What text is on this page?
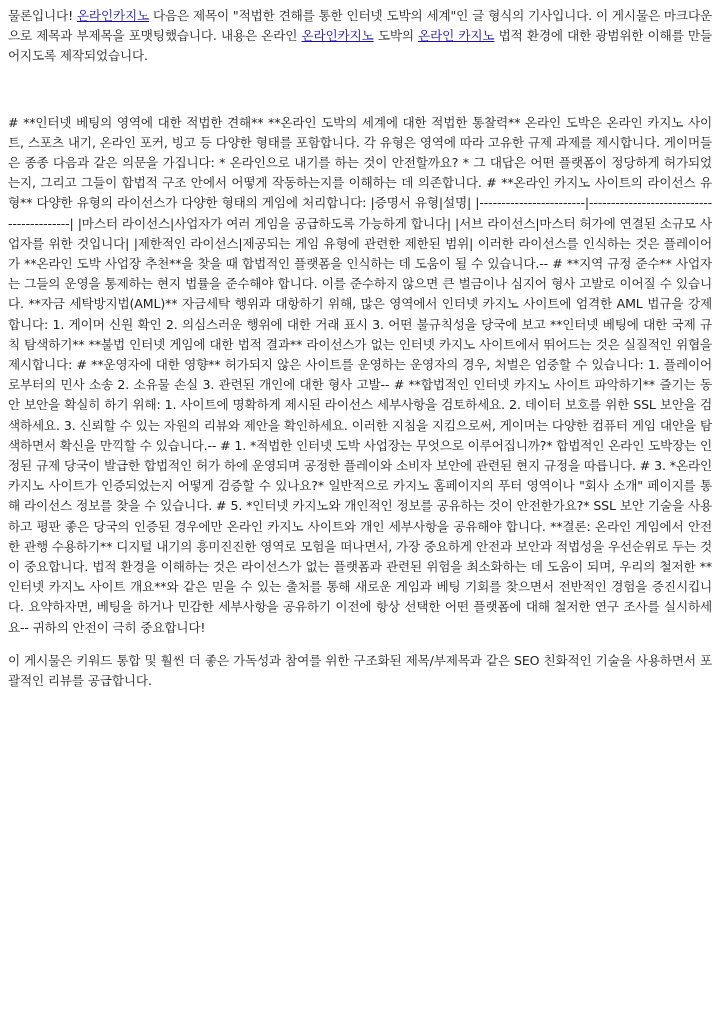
물론입니다! 온라인카지노 다음은 제목이 "적법한 견해를 통한 인터넷 도박의 세계"인 글 형식의 기사입니다. 이 게시물은 마크다운으로 제목과 부제목을 포맷팅했습니다. 내용은 온라인 온라인카지노 도박의 온라인 카지노 법적 환경에 대한 광범위한 이해를 만들어지도록 제작되었습니다.

# **인터넷 베팅의 영역에 대한 적법한 견해** **온라인 도박의 세계에 대한 적법한 통찰력** 온라인 도박은 온라인 카지노 사이트, 스포츠 내기, 온라인 포커, 빙고 등 다양한 형태를 포함합니다. 각 유형은 영역에 따라 고유한 규제 과제를 제시합니다. 게이머들은 종종 다음과 같은 의문을 가집니다: * 온라인으로 내기를 하는 것이 안전할까요? * 그 대답은 어떤 플랫폼이 정당하게 허가되었는지, 그리고 그들이 합법적 구조 안에서 어떻게 작동하는지를 이해하는 데 의존합니다. # **온라인 카지노 사이트의 라이선스 유형** 다양한 유형의 라이선스가 다양한 형태의 게임에 처리합니다: |증명서 유형|설명| |------------------------|------------------------------------------| |마스터 라이선스|사업자가 여러 게임을 공급하도록 가능하게 합니다| |서브 라이선스|마스터 허가에 연결된 소규모 사업자를 위한 것입니다| |제한적인 라이선스|제공되는 게임 유형에 관련한 제한된 범위| 이러한 라이선스를 인식하는 것은 플레이어가 **온라인 도박 사업장 추천**을 찾을 때 합법적인 플랫폼을 인식하는 데 도움이 될 수 있습니다.-- # **지역 규정 준수** 사업자는 그들의 운영을 통제하는 현지 법률을 준수해야 합니다. 이를 준수하지 않으면 큰 벌금이나 심지어 형사 고발로 이어질 수 있습니다. **자금 세탁방지법(AML)** 자금세탁 행위과 대항하기 위해, 많은 영역에서 인터넷 카지노 사이트에 엄격한 AML 법규을 강제합니다: 1. 게이머 신원 확인 2. 의심스러운 행위에 대한 거래 표시 3. 어떤 불규칙성을 당국에 보고 **인터넷 베팅에 대한 국제 규칙 탐색하기** **불법 인터넷 게임에 대한 법적 결과** 라이선스가 없는 인터넷 카지노 사이트에서 뛰어드는 것은 실질적인 위협을 제시합니다: # **운영자에 대한 영향** 허가되지 않은 사이트를 운영하는 운영자의 경우, 처벌은 엄중할 수 있습니다: 1. 플레이어로부터의 민사 소송 2. 소유물 손실 3. 관련된 개인에 대한 형사 고발-- # **합법적인 인터넷 카지노 사이트 파악하기** 즐기는 동안 보안을 확실히 하기 위해: 1. 사이트에 명확하게 제시된 라이선스 세부사항을 검토하세요. 2. 데이터 보호를 위한 SSL 보안을 검색하세요. 3. 신뢰할 수 있는 자원의 리뷰와 제안을 확인하세요. 이러한 지침을 지킴으로써, 게이머는 다양한 컴퓨터 게임 대안을 탐색하면서 확신을 만끽할 수 있습니다.-- # 1. *적법한 인터넷 도박 사업장는 무엇으로 이루어집니까?* 합법적인 온라인 도박장는 인정된 규제 당국이 발급한 합법적인 허가 하에 운영되며 공정한 플레이와 소비자 보안에 관련된 현지 규정을 따릅니다. # 3. *온라인 카지노 사이트가 인증되었는지 어떻게 검증할 수 있나요?* 일반적으로 카지노 홈페이지의 푸터 영역이나 "회사 소개" 페이지를 통해 라이선스 정보를 찾을 수 있습니다. # 5. *인터넷 카지노와 개인적인 정보를 공유하는 것이 안전한가요?* SSL 보안 기술을 사용하고 평판 좋은 당국의 인증된 경우에만 온라인 카지노 사이트와 개인 세부사항을 공유해야 합니다. **결론: 온라인 게임에서 안전한 관행 수용하기** 디지털 내기의 흥미진진한 영역로 모험을 떠나면서, 가장 중요하게 안전과 보안과 적법성을 우선순위로 두는 것이 중요합니다. 법적 환경을 이해하는 것은 라이선스가 없는 플랫폼과 관련된 위험을 최소화하는 데 도움이 되며, 우리의 철저한 **인터넷 카지노 사이트 개요**와 같은 믿을 수 있는 출처를 통해 새로운 게임과 베팅 기회를 찾으면서 전반적인 경험을 증진시킵니다. 요약하자면, 베팅을 하거나 민감한 세부사항을 공유하기 이전에 항상 선택한 어떤 플랫폼에 대해 철저한 연구 조사를 실시하세요-- 귀하의 안전이 극히 중요합니다!

이 게시물은 키워드 통합 및 훨씬 더 좋은 가독성과 참여를 위한 구조화된 제목/부제목과 같은 SEO 친화적인 기술을 사용하면서 포괄적인 리뷰를 공급합니다.
